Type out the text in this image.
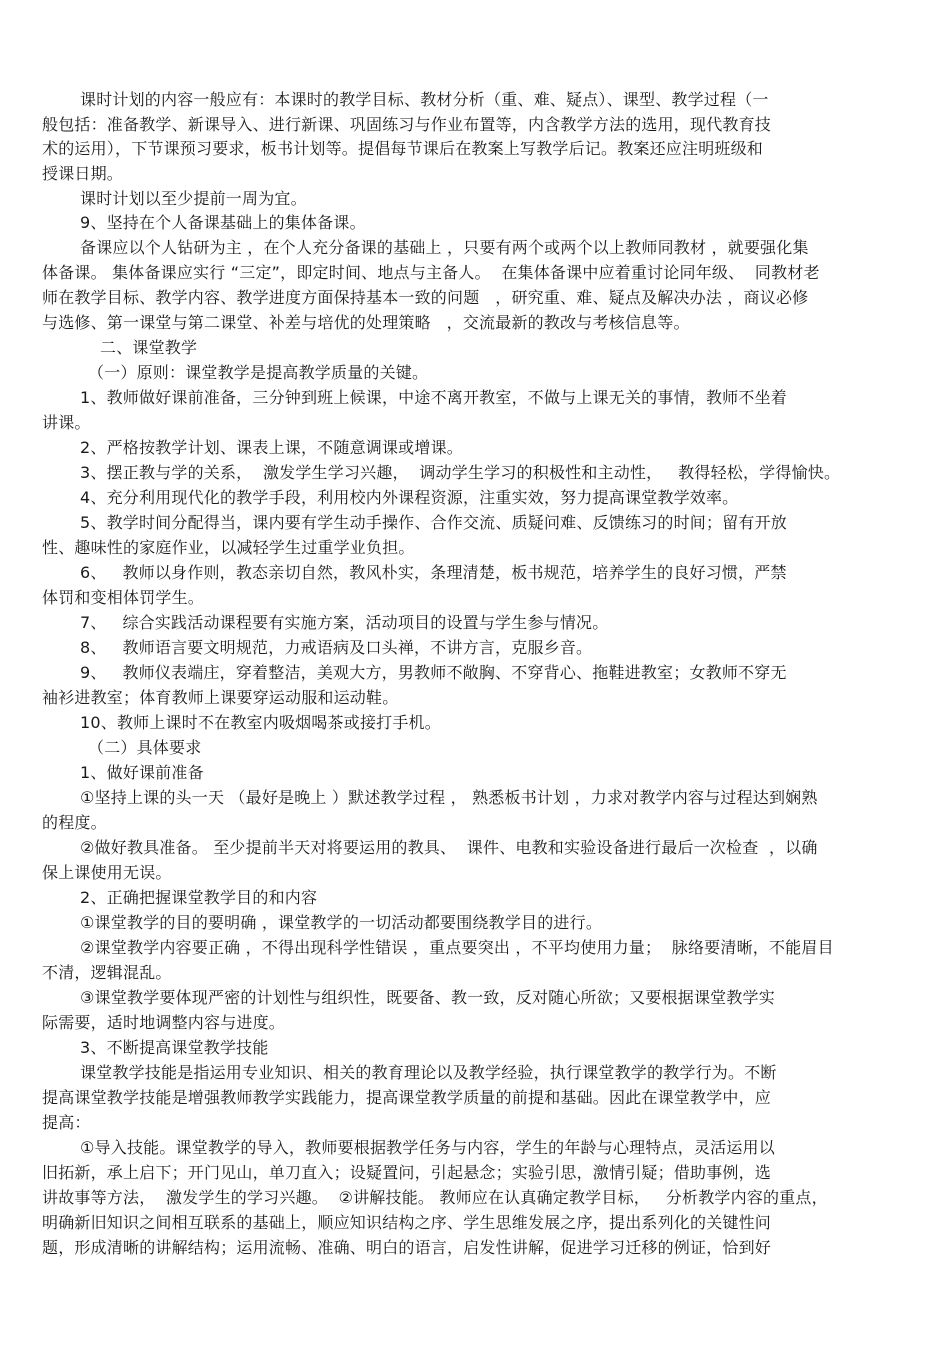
课时计划的内容一般应有：本课时的教学目标、教材分析（重、难、疑点）、课型、教学过程（一
般包括：准备教学、新课导入、进行新课、巩固练习与作业布置等，内含教学方法的选用，现代教育技
术的运用），下节课预习要求，板书计划等。提倡每节课后在教案上写教学后记。教案还应注明班级和
授课日期。
课时计划以至少提前一周为宜。
9、坚持在个人备课基础上的集体备课。
备课应以个人钻研为主 ，在个人充分备课的基础上 ，只要有两个或两个以上教师同教材 ，就要强化集
体备课。 集体备课应实行 “三定”，即定时间、地点与主备人。  在集体备课中应着重讨论同年级、  同教材老
师在教学目标、教学内容、教学进度方面保持基本一致的问题   ，研究重、难、疑点及解决办法 ，商议必修
与选修、第一课堂与第二课堂、补差与培优的处理策略   ，交流最新的教改与考核信息等。
二、课堂教学
（一）原则：课堂教学是提高教学质量的关键。
1、教师做好课前准备，三分钟到班上候课，中途不离开教室，不做与上课无关的事情，教师不坐着
讲课。
2、严格按教学计划、课表上课，不随意调课或增课。
3、摆正教与学的关系，  激发学生学习兴趣，  调动学生学习的积极性和主动性，   教得轻松，学得愉快。
4、充分利用现代化的教学手段，利用校内外课程资源，注重实效，努力提高课堂教学效率。
5、教学时间分配得当，课内要有学生动手操作、合作交流、质疑问难、反馈练习的时间；留有开放
性、趣味性的家庭作业，以减轻学生过重学业负担。
6、   教师以身作则，教态亲切自然，教风朴实，条理清楚，板书规范，培养学生的良好习惯，严禁
体罚和变相体罚学生。
7、   综合实践活动课程要有实施方案，活动项目的设置与学生参与情况。
8、   教师语言要文明规范，力戒语病及口头禅，不讲方言，克服乡音。
9、   教师仪表端庄，穿着整洁，美观大方，男教师不敞胸、不穿背心、拖鞋进教室；女教师不穿无
袖衫进教室；体育教师上课要穿运动服和运动鞋。
10、教师上课时不在教室内吸烟喝茶或接打手机。
（二）具体要求
1、做好课前准备
①坚持上课的头一天 （最好是晚上 ）默述教学过程 ， 熟悉板书计划 ，力求对教学内容与过程达到娴熟
的程度。
②做好教具准备。 至少提前半天对将要运用的教具、  课件、电教和实验设备进行最后一次检查  ，以确
保上课使用无误。
2、正确把握课堂教学目的和内容
①课堂教学的目的要明确 ，课堂教学的一切活动都要围绕教学目的进行。
②课堂教学内容要正确 ，不得出现科学性错误 ，重点要突出 ，不平均使用力量；  脉络要清晰，不能眉目
不清，逻辑混乱。
③课堂教学要体现严密的计划性与组织性，既要备、教一致，反对随心所欲；又要根据课堂教学实
际需要，适时地调整内容与进度。
3、不断提高课堂教学技能
课堂教学技能是指运用专业知识、相关的教育理论以及教学经验，执行课堂教学的教学行为。不断
提高课堂教学技能是增强教师教学实践能力，提高课堂教学质量的前提和基础。因此在课堂教学中，应
提高：
①导入技能。课堂教学的导入，教师要根据教学任务与内容，学生的年龄与心理特点，灵活运用以
旧拓新，承上启下；开门见山，单刀直入；设疑置问，引起悬念；实验引思，激情引疑；借助事例，选
讲故事等方法，  激发学生的学习兴趣。  ②讲解技能。 教师应在认真确定教学目标，   分析教学内容的重点，
明确新旧知识之间相互联系的基础上，顺应知识结构之序、学生思维发展之序，提出系列化的关键性问
题，形成清晰的讲解结构；运用流畅、准确、明白的语言，启发性讲解，促进学习迁移的例证，恰到好
